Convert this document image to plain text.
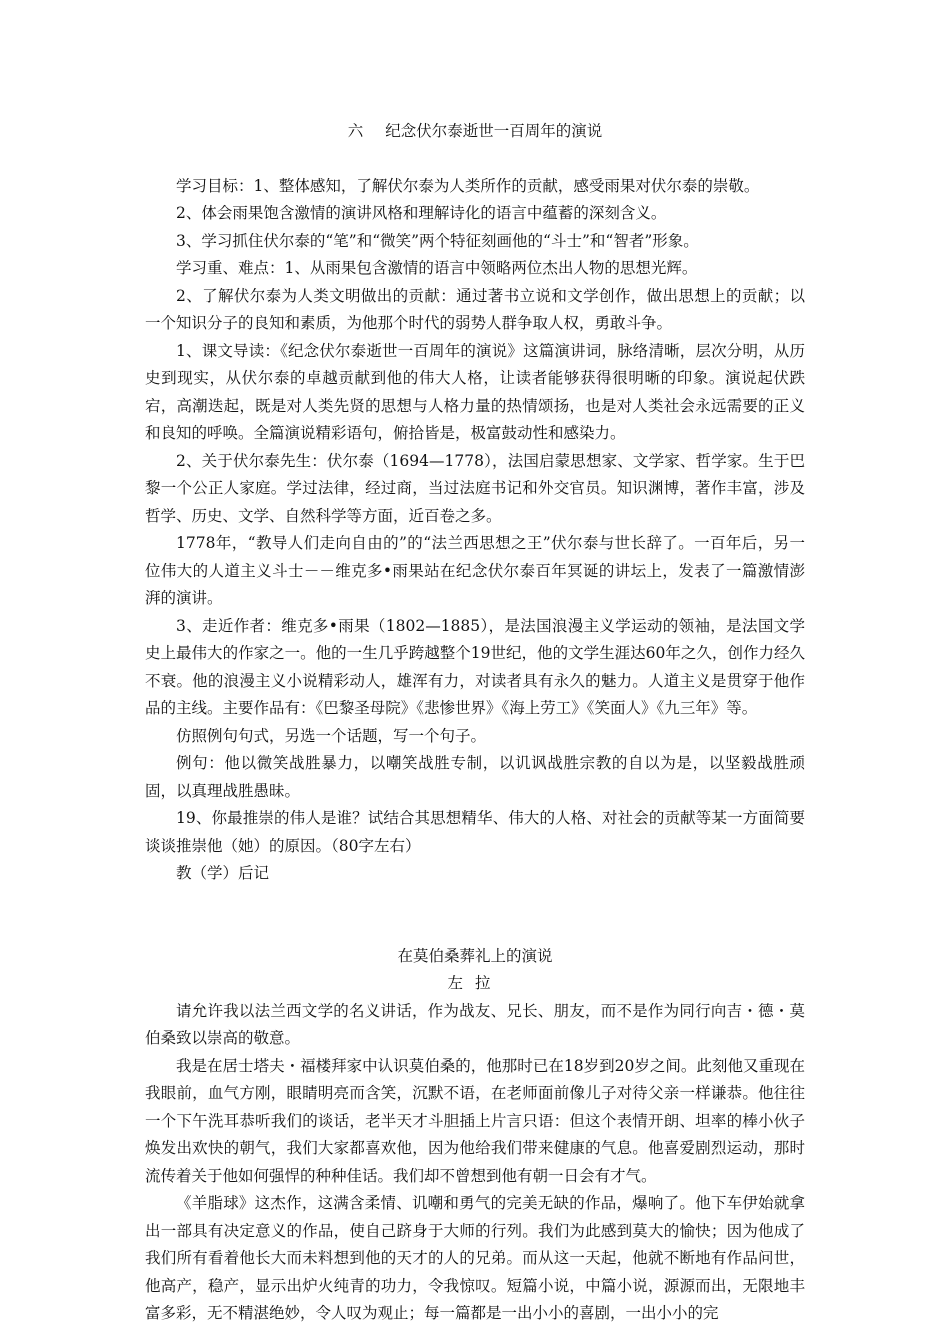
六 纪念伏尔泰逝世一百周年的演说

学习目标：1、整体感知，了解伏尔泰为人类所作的贡献，感受雨果对伏尔泰的崇敬。

2、体会雨果饱含激情的演讲风格和理解诗化的语言中蕴蓄的深刻含义。

3、学习抓住伏尔泰的“笔”和“微笑”两个特征刻画他的“斗士”和“智者”形象。

学习重、难点：1、从雨果包含激情的语言中领略两位杰出人物的思想光辉。

2、了解伏尔泰为人类文明做出的贡献：通过著书立说和文学创作，做出思想上的贡献；以一个知识分子的良知和素质，为他那个时代的弱势人群争取人权，勇敢斗争。

1、课文导读：《纪念伏尔泰逝世一百周年的演说》这篇演讲词，脉络清晰，层次分明，从历史到现实，从伏尔泰的卓越贡献到他的伟大人格，让读者能够获得很明晰的印象。演说起伏跌宕，高潮迭起，既是对人类先贤的思想与人格力量的热情颂扬，也是对人类社会永远需要的正义和良知的呼唤。全篇演说精彩语句，俯拾皆是，极富鼓动性和感染力。

2、关于伏尔泰先生：伏尔泰（1694—1778），法国启蒙思想家、文学家、哲学家。生于巴黎一个公正人家庭。学过法律，经过商，当过法庭书记和外交官员。知识渊博，著作丰富，涉及哲学、历史、文学、自然科学等方面，近百卷之多。

1778年，“教导人们走向自由的”的“法兰西思想之王”伏尔泰与世长辞了。一百年后，另一位伟大的人道主义斗士－－维克多•雨果站在纪念伏尔泰百年冥诞的讲坛上，发表了一篇激情澎湃的演讲。

3、走近作者：维克多•雨果（1802—1885），是法国浪漫主义学运动的领袖，是法国文学史上最伟大的作家之一。他的一生几乎跨越整个19世纪，他的文学生涯达60年之久，创作力经久不衰。他的浪漫主义小说精彩动人，雄浑有力，对读者具有永久的魅力。人道主义是贯穿于他作品的主线。主要作品有：《巴黎圣母院》《悲惨世界》《海上劳工》《笑面人》《九三年》等。

仿照例句句式，另选一个话题，写一个句子。

例句：他以微笑战胜暴力，以嘲笑战胜专制，以讥讽战胜宗教的自以为是，以坚毅战胜顽固，以真理战胜愚昧。

19、你最推崇的伟人是谁？试结合其思想精华、伟大的人格、对社会的贡献等某一方面简要谈谈推崇他（她）的原因。（80字左右）

教（学）后记

在莫伯桑葬礼上的演说
左拉

请允许我以法兰西文学的名义讲话，作为战友、兄长、朋友，而不是作为同行向吉・德・莫伯桑致以崇高的敬意。

我是在居士塔夫・福楼拜家中认识莫伯桑的，他那时已在18岁到20岁之间。此刻他又重现在我眼前，血气方刚，眼睛明亮而含笑，沉默不语，在老师面前像儿子对待父亲一样谦恭。他往往一个下午洗耳恭听我们的谈话，老半天才斗胆插上片言只语：但这个表情开朗、坦率的棒小伙子焕发出欢快的朝气，我们大家都喜欢他，因为他给我们带来健康的气息。他喜爱剧烈运动，那时流传着关于他如何强悍的种种佳话。我们却不曾想到他有朝一日会有才气。

《羊脂球》这杰作，这满含柔情、讥嘲和勇气的完美无缺的作品，爆响了。他下车伊始就拿出一部具有决定意义的作品，使自己跻身于大师的行列。我们为此感到莫大的愉快；因为他成了我们所有看着他长大而未料想到他的天才的人的兄弟。而从这一天起，他就不断地有作品问世，他高产，稳产，显示出炉火纯青的功力，令我惊叹。短篇小说，中篇小说，源源而出，无限地丰富多彩，无不精湛绝妙，令人叹为观止；每一篇都是一出小小的喜剧，一出小小的完
